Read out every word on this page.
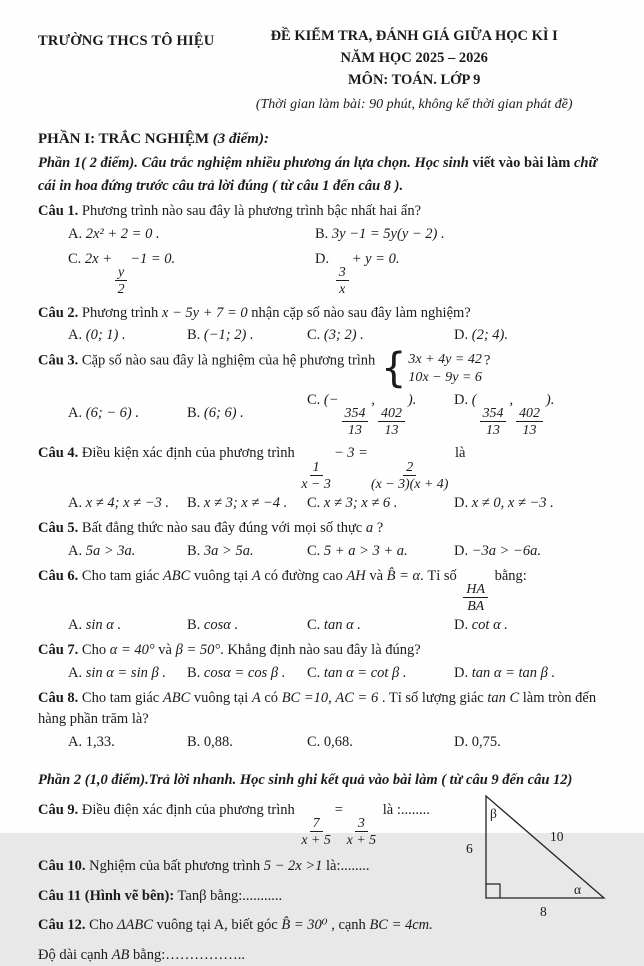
TRƯỜNG THCS TÔ HIỆU	ĐỀ KIỂM TRA, ĐÁNH GIÁ GIỮA HỌC KÌ I
NĂM HỌC 2025 – 2026
MÔN: TOÁN. LỚP 9
(Thời gian làm bài: 90 phút, không kể thời gian phát đề)
PHẦN I: TRẮC NGHIỆM (3 điểm):
Phần 1( 2 điểm). Câu trắc nghiệm nhiều phương án lựa chọn. Học sinh viết vào bài làm chữ cái in hoa đứng trước câu trả lời đúng ( từ câu 1 đến câu 8 ).
Câu 1. Phương trình nào sau đây là phương trình bậc nhất hai ẩn?
A. 2x² + 2 = 0 .	B. 3y −1 = 5y(y − 2) .
C. 2x +
$\frac{y}{2}$
−1 = 0.	D.
$\frac{3}{x}$
+ y = 0.
Câu 2. Phương trình x − 5y + 7 = 0 nhận cặp số nào sau đây làm nghiệm?
A. (0; 1) .	B. (−1; 2) .	C. (3; 2) .	D. (2; 4).
Câu 3. Cặp số nào sau đây là nghiệm của hệ phương trình { 3x + 4y = 42
10x − 9y = 6
?
A. (6; − 6) .	B. (6; 6) .
C. (−
$\frac{354}{13}$
,
$\frac{402}{13}$
).	D. (
$\frac{354}{13}$
,
$\frac{402}{13}$
).
Câu 4. Điều kiện xác định của phương trình
$\frac{1}{x - 3}$
− 3 =
$\frac{2}{(x - 3)(x + 4)}$
là
A. x ≠ 4; x ≠ −3 .	B. x ≠ 3; x ≠ −4 .	C. x ≠ 3; x ≠ 6 .	D. x ≠ 0, x ≠ −3 .
Câu 5. Bất đẳng thức nào sau đây đúng với mọi số thực a ?
A. 5a > 3a.	B. 3a > 5a.	C. 5 + a > 3 + a.	D. −3a > −6a.
Câu 6. Cho tam giác ABC vuông tại A có đường cao AH và B̂ = α. Tỉ số
$\frac{HA}{BA}$
bằng:
A. sin α .	B. cosα .	C. tan α .	D. cot α .
Câu 7. Cho α = 40° và β = 50°. Khẳng định nào sau đây là đúng?
A. sin α = sin β .	B. cosα = cos β .	C. tan α = cot β .	D. tan α = tan β .
Câu 8. Cho tam giác ABC vuông tại A có BC =10, AC = 6 . Tỉ số lượng giác tan C làm tròn đến hàng phần trăm là?
A. 1,33.	B. 0,88.	C. 0,68.	D. 0,75.
Phần 2 (1,0 điểm).Trả lời nhanh. Học sinh ghi kết quả vào bài làm ( từ câu 9 đến câu 12)
Câu 9. Điều điện xác định của phương trình
$\frac{7}{x + 5}$
=
$\frac{3}{x + 5}$
là :........
Câu 10. Nghiệm của bất phương trình 5 − 2x >1 là:........
Câu 11 (Hình vẽ bên): Tanβ bằng:...........
Câu 12. Cho ΔABC vuông tại A, biết góc B̂ = 30⁰ , cạnh BC = 4cm.
Độ dài cạnh AB bằng:……………..
β
6
10
α
8
